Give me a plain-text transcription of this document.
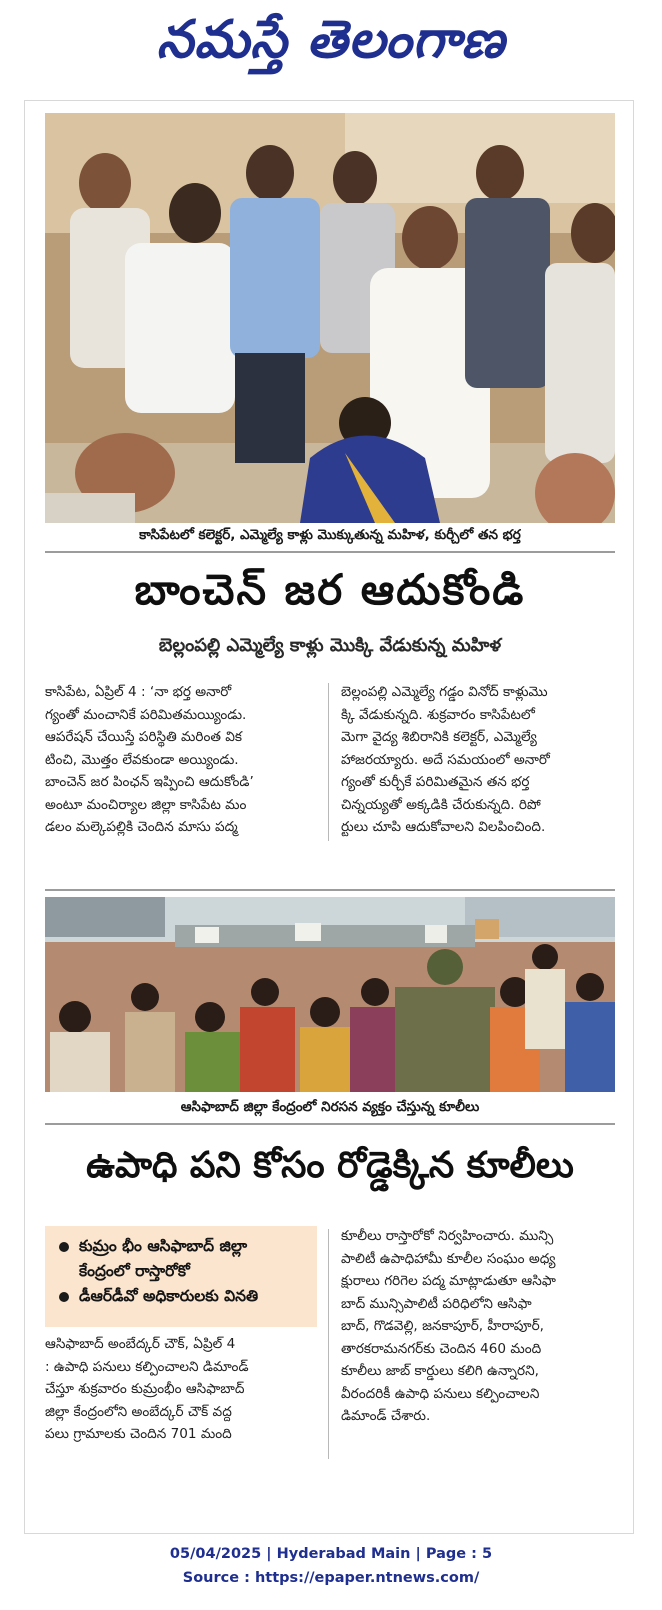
నమస్తే తెలంగాణ
కాసిపేటలో కలెక్టర్, ఎమ్మెల్యే కాళ్లు మొక్కుతున్న మహిళ, కుర్చీలో తన భర్త
బాంచెన్ జర ఆదుకోండి
బెల్లంపల్లి ఎమ్మెల్యే కాళ్లు మొక్కి వేడుకున్న మహిళ
కాసిపేట, ఏప్రిల్ 4 : ‘నా భర్త అనారో
గ్యంతో మంచానికే పరిమితమయ్యిండు.
ఆపరేషన్ చేయిస్తే పరిస్థితి మరింత విక
టించి, మొత్తం లేవకుండా అయ్యిండు.
బాంచెన్ జర పింఛన్ ఇప్పించి ఆదుకోండి’
అంటూ మంచిర్యాల జిల్లా కాసిపేట మం
డలం మల్కెపల్లికి చెందిన మాసు పద్మ
బెల్లంపల్లి ఎమ్మెల్యే గడ్డం వినోద్ కాళ్లుమొ
క్కి వేడుకున్నది. శుక్రవారం కాసిపేటలో
మెగా వైద్య శిబిరానికి కలెక్టర్, ఎమ్మెల్యే
హాజరయ్యారు. అదే సమయంలో అనారో
గ్యంతో కుర్చీకే పరిమితమైన తన భర్త
చిన్నయ్యతో అక్కడికి చేరుకున్నది. రిపో
ర్టులు చూపి ఆదుకోవాలని విలపించింది.
ఆసిఫాబాద్ జిల్లా కేంద్రంలో నిరసన వ్యక్తం చేస్తున్న కూలీలు
ఉపాధి పని కోసం రోడ్డెక్కిన కూలీలు
కుమ్రం భీం ఆసిఫాబాద్ జిల్లా
కేంద్రంలో రాస్తారోకో
డీఆర్‌డీవో అధికారులకు వినతి
ఆసిఫాబాద్ అంబేద్కర్ చౌక్, ఏప్రిల్ 4
: ఉపాధి పనులు కల్పించాలని డిమాండ్
చేస్తూ శుక్రవారం కుమ్రంభీం ఆసిఫాబాద్
జిల్లా కేంద్రంలోని అంబేద్కర్ చౌక్ వద్ద
పలు గ్రామాలకు చెందిన 701 మంది
కూలీలు రాస్తారోకో నిర్వహించారు. మున్సి
పాలిటీ ఉపాధిహామీ కూలీల సంఘం అధ్య
క్షురాలు గరిగెల పద్మ మాట్లాడుతూ ఆసిఫా
బాద్ మున్సిపాలిటీ పరిధిలోని ఆసిఫా
బాద్, గొడవెల్లి, జనకాపూర్, హీరాపూర్,
తారకరామనగర్‌కు చెందిన 460 మంది
కూలీలు జాబ్ కార్డులు కలిగి ఉన్నారని,
వీరందరికీ ఉపాధి పనులు కల్పించాలని
డిమాండ్ చేశారు.
05/04/2025 | Hyderabad Main | Page : 5
Source : https://epaper.ntnews.com/
